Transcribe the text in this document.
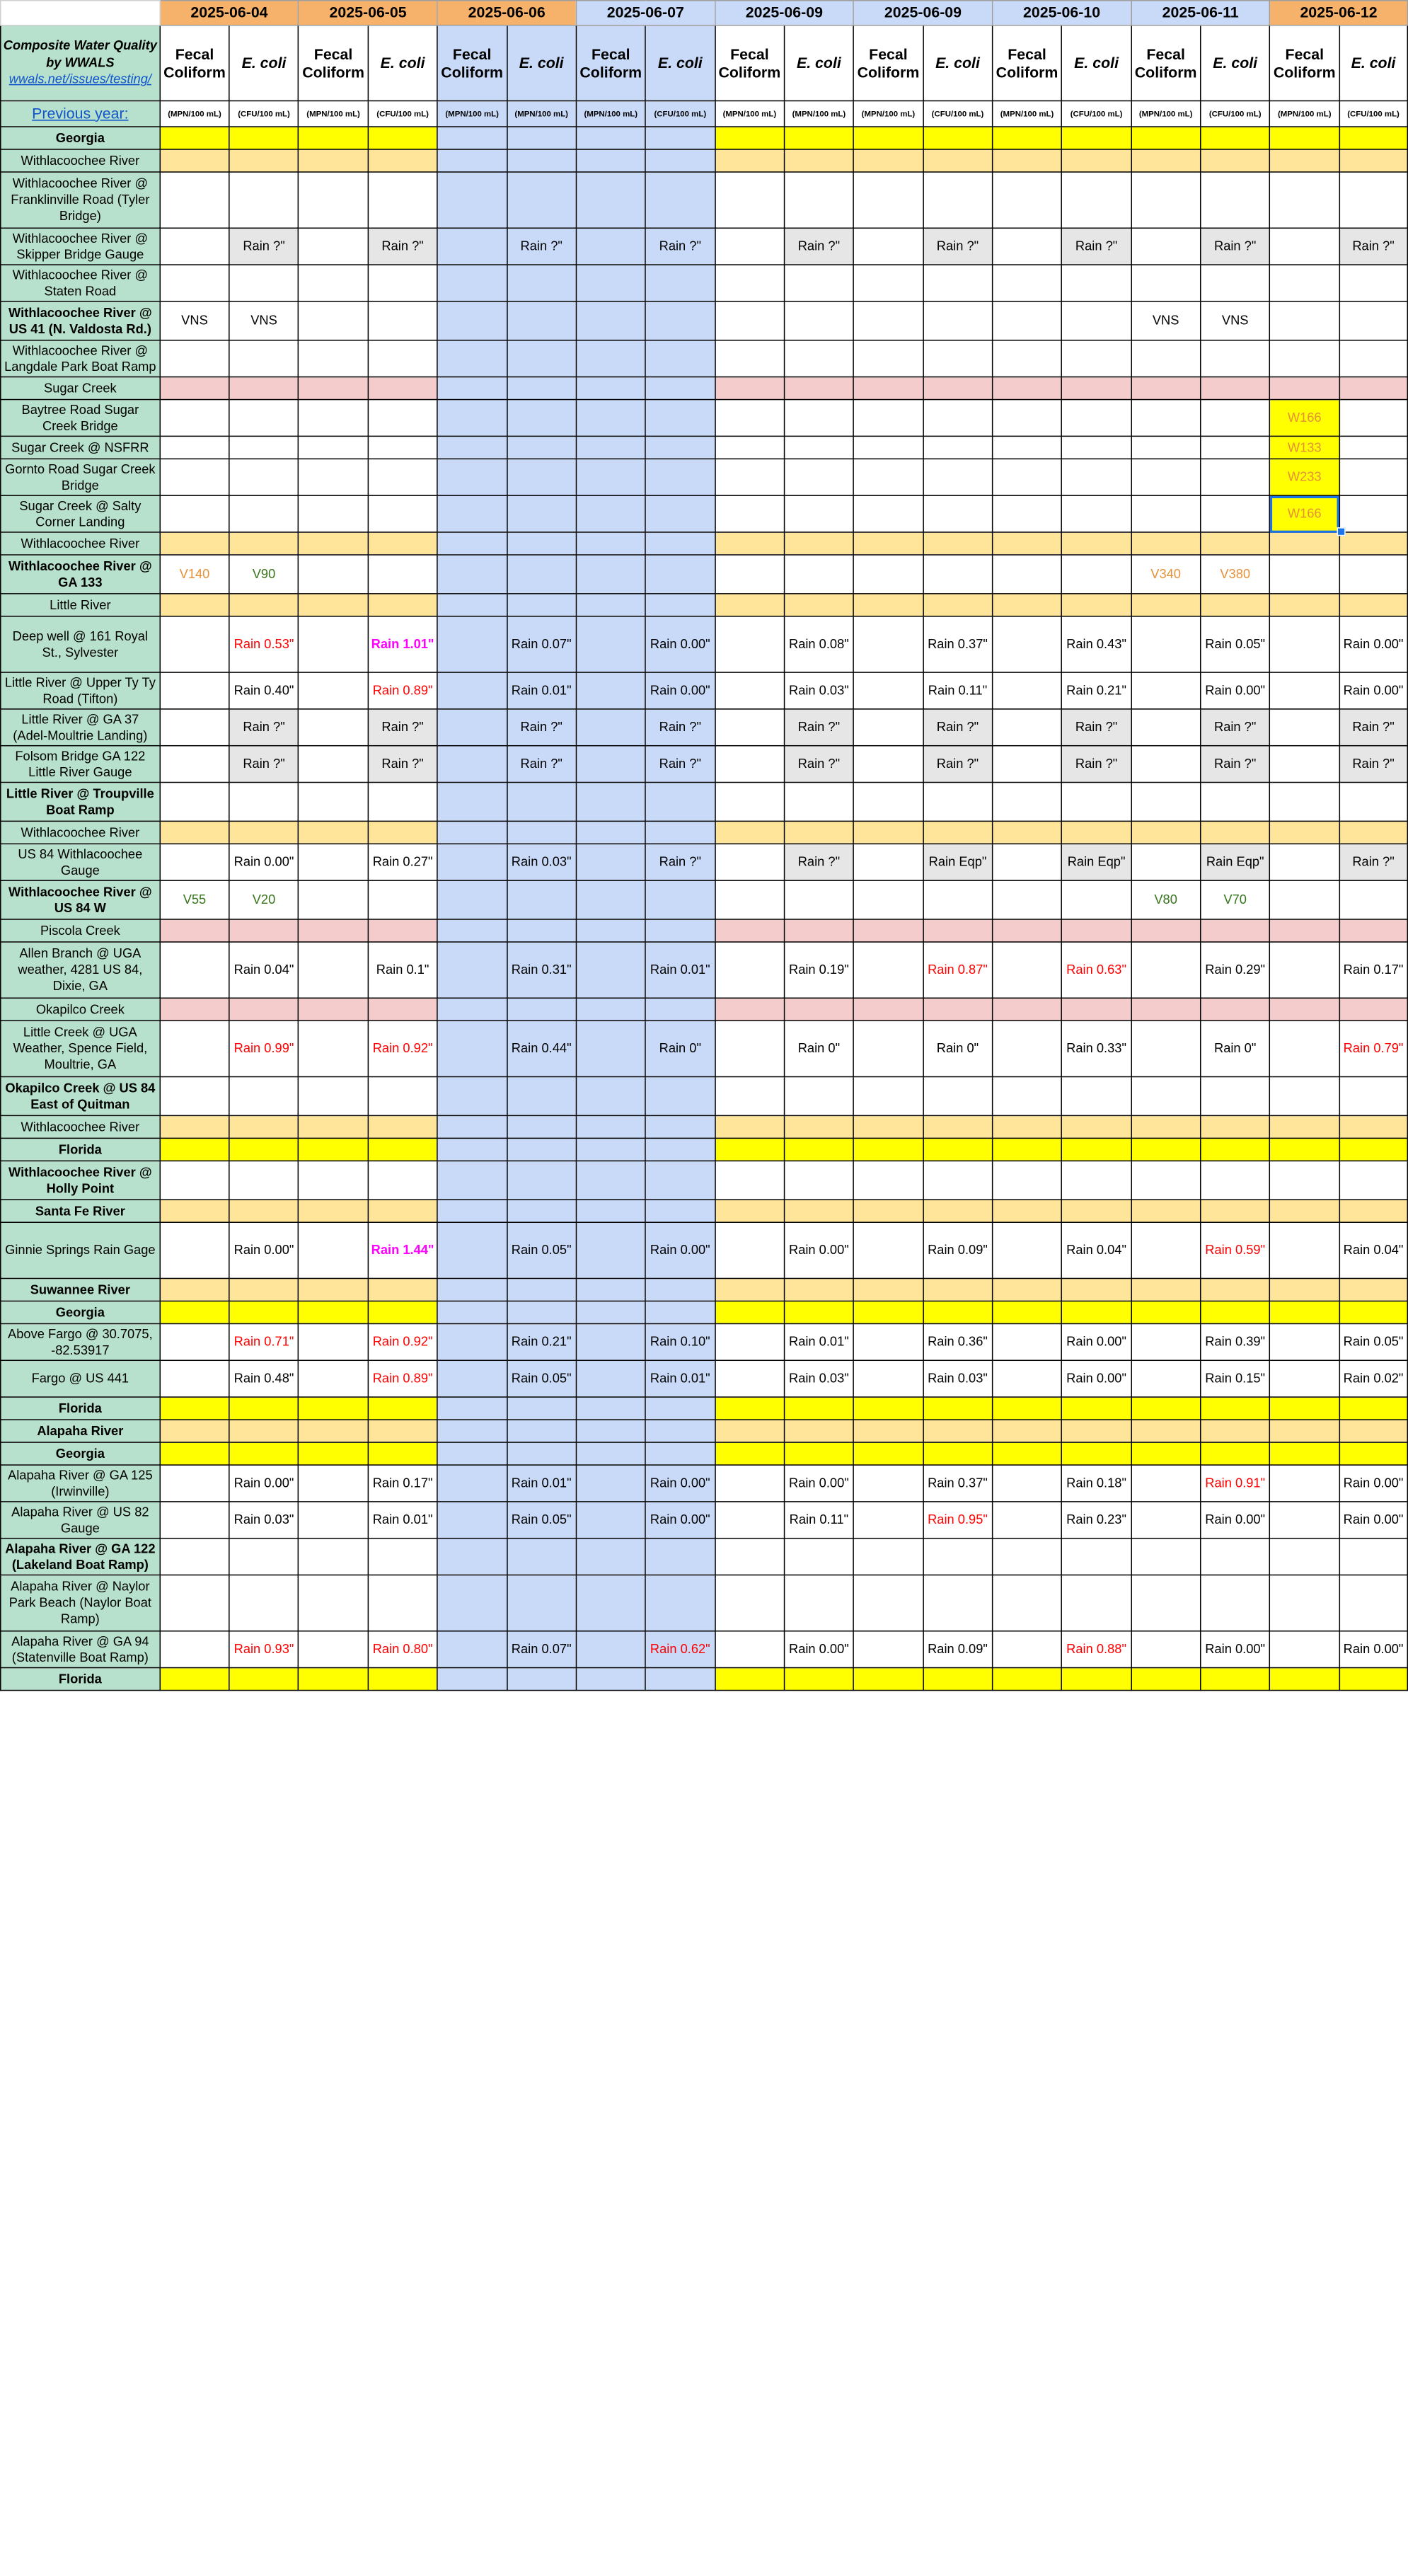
	2025-06-04		2025-06-05		2025-06-06		2025-06-07		2025-06-09		2025-06-09		2025-06-10		2025-06-11		2025-06-12	

Composite Water Quality by WWALS
wwals.net/issues/testing/	Fecal Coliform	E. coli	Fecal Coliform	E. coli	Fecal Coliform	E. coli	Fecal Coliform	E. coli	Fecal Coliform	E. coli	Fecal Coliform	E. coli	Fecal Coliform	E. coli	Fecal Coliform	E. coli	Fecal Coliform	E. coli
Previous year:	(MPN/100 mL)	(CFU/100 mL)	(MPN/100 mL)	(CFU/100 mL)	(MPN/100 mL)	(MPN/100 mL)	(MPN/100 mL)	(CFU/100 mL)	(MPN/100 mL)	(MPN/100 mL)	(MPN/100 mL)	(CFU/100 mL)	(MPN/100 mL)	(CFU/100 mL)	(MPN/100 mL)	(CFU/100 mL)	(MPN/100 mL)	(CFU/100 mL)
Georgia																		
Withlacoochee River																		
Withlacoochee River @ Franklinville Road (Tyler Bridge)																		
Withlacoochee River @ Skipper Bridge Gauge		Rain ?"		Rain ?"		Rain ?"		Rain ?"		Rain ?"		Rain ?"		Rain ?"		Rain ?"		Rain ?"
Withlacoochee River @ Staten Road																		
Withlacoochee River @ US 41 (N. Valdosta Rd.)	VNS	VNS													VNS	VNS		
Withlacoochee River @ Langdale Park Boat Ramp																		
Sugar Creek																		
Baytree Road Sugar Creek Bridge																	W166	
Sugar Creek @ NSFRR																	W133	
Gornto Road Sugar Creek Bridge																	W233	
Sugar Creek @ Salty Corner Landing																	W166	
Withlacoochee River																		
Withlacoochee River @ GA 133	V140	V90													V340	V380		
Little River																		
Deep well @ 161 Royal St., Sylvester		Rain 0.53"		Rain 1.01"		Rain 0.07"		Rain 0.00"		Rain 0.08"		Rain 0.37"		Rain 0.43"		Rain 0.05"		Rain 0.00"
Little River @ Upper Ty Ty Road (Tifton)		Rain 0.40"		Rain 0.89"		Rain 0.01"		Rain 0.00"		Rain 0.03"		Rain 0.11"		Rain 0.21"		Rain 0.00"		Rain 0.00"
Little River @ GA 37 (Adel-Moultrie Landing)		Rain ?"		Rain ?"		Rain ?"		Rain ?"		Rain ?"		Rain ?"		Rain ?"		Rain ?"		Rain ?"
Folsom Bridge GA 122 Little River Gauge		Rain ?"		Rain ?"		Rain ?"		Rain ?"		Rain ?"		Rain ?"		Rain ?"		Rain ?"		Rain ?"
Little River @ Troupville Boat Ramp																		
Withlacoochee River																		
US 84 Withlacoochee Gauge		Rain 0.00"		Rain 0.27"		Rain 0.03"		Rain ?"		Rain ?"		Rain Eqp"		Rain Eqp"		Rain Eqp"		Rain ?"
Withlacoochee River @ US 84 W	V55	V20													V80	V70		
Piscola Creek																		
Allen Branch @ UGA weather, 4281 US 84, Dixie, GA		Rain 0.04"		Rain 0.1"		Rain 0.31"		Rain 0.01"		Rain 0.19"		Rain 0.87"		Rain 0.63"		Rain 0.29"		Rain 0.17"
Okapilco Creek																		
Little Creek @ UGA Weather, Spence Field, Moultrie, GA		Rain 0.99"		Rain 0.92"		Rain 0.44"		Rain 0"		Rain 0"		Rain 0"		Rain 0.33"		Rain 0"		Rain 0.79"
Okapilco Creek @ US 84 East of Quitman																		
Withlacoochee River																		
Florida																		
Withlacoochee River @ Holly Point																		
Santa Fe River																		
Ginnie Springs Rain Gage		Rain 0.00"		Rain 1.44"		Rain 0.05"		Rain 0.00"		Rain 0.00"		Rain 0.09"		Rain 0.04"		Rain 0.59"		Rain 0.04"
Suwannee River																		
Georgia																		
Above Fargo @ 30.7075, -82.53917		Rain 0.71"		Rain 0.92"		Rain 0.21"		Rain 0.10"		Rain 0.01"		Rain 0.36"		Rain 0.00"		Rain 0.39"		Rain 0.05"
Fargo @ US 441		Rain 0.48"		Rain 0.89"		Rain 0.05"		Rain 0.01"		Rain 0.03"		Rain 0.03"		Rain 0.00"		Rain 0.15"		Rain 0.02"
Florida																		
Alapaha River																		
Georgia																		
Alapaha River @ GA 125 (Irwinville)		Rain 0.00"		Rain 0.17"		Rain 0.01"		Rain 0.00"		Rain 0.00"		Rain 0.37"		Rain 0.18"		Rain 0.91"		Rain 0.00"
Alapaha River @ US 82 Gauge		Rain 0.03"		Rain 0.01"		Rain 0.05"		Rain 0.00"		Rain 0.11"		Rain 0.95"		Rain 0.23"		Rain 0.00"		Rain 0.00"
Alapaha River @ GA 122 (Lakeland Boat Ramp)																		
Alapaha River @ Naylor Park Beach (Naylor Boat Ramp)																		
Alapaha River @ GA 94 (Statenville Boat Ramp)		Rain 0.93"		Rain 0.80"		Rain 0.07"		Rain 0.62"		Rain 0.00"		Rain 0.09"		Rain 0.88"		Rain 0.00"		Rain 0.00"
Florida																		
